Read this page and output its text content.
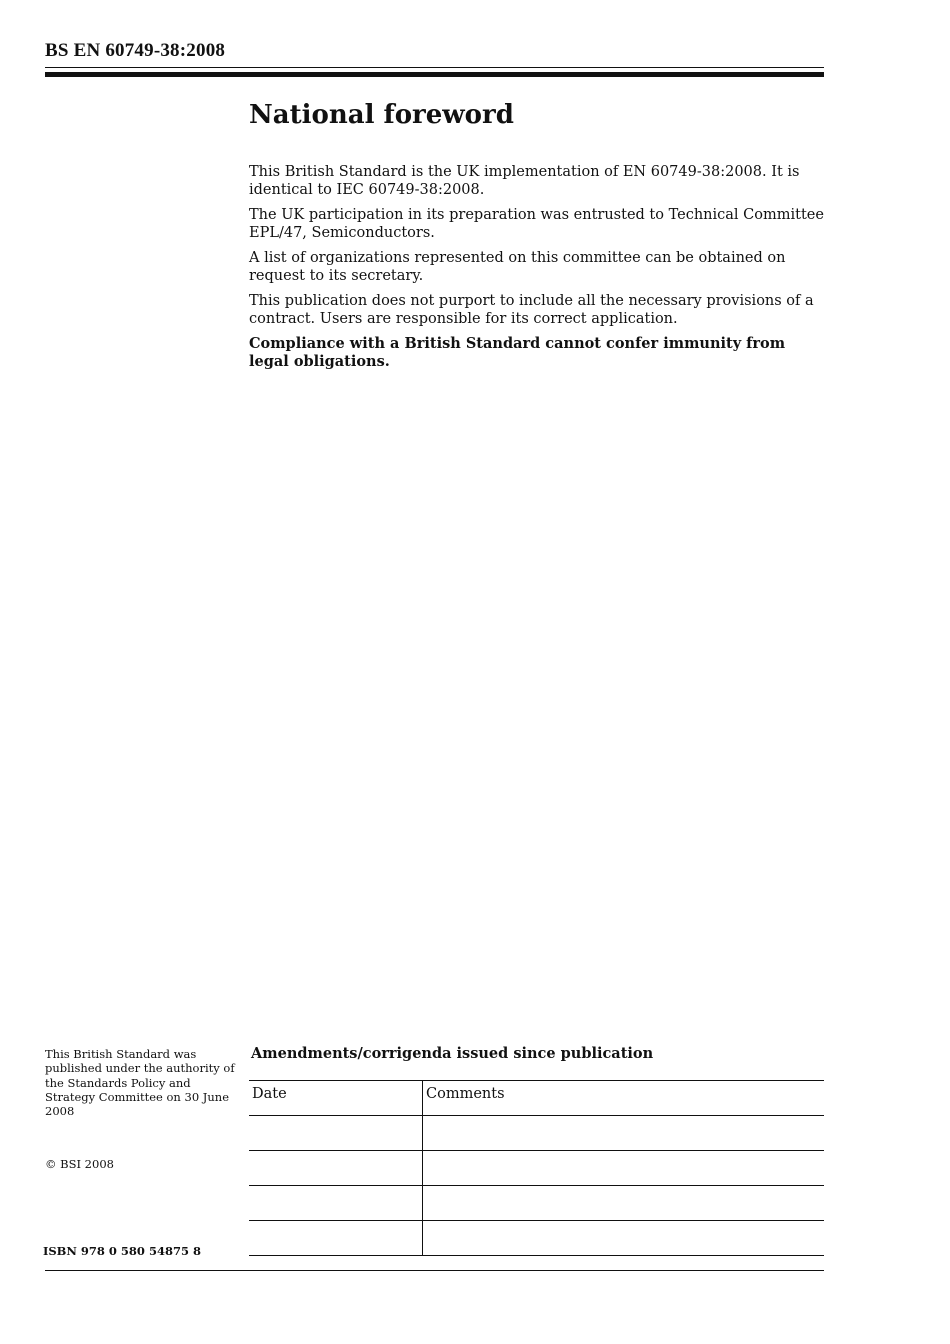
BS EN 60749-38:2008
National foreword

This British Standard is the UK implementation of EN 60749-38:2008. It is identical to IEC 60749-38:2008.

The UK participation in its preparation was entrusted to Technical Committee EPL/47, Semiconductors.

A list of organizations represented on this committee can be obtained on request to its secretary.

This publication does not purport to include all the necessary provisions of a contract. Users are responsible for its correct application.

Compliance with a British Standard cannot confer immunity from legal obligations.

This British Standard was published under the authority of the Standards Policy and Strategy Committee on 30 June 2008
© BSI 2008
ISBN 978 0 580 54875 8
Amendments/corrigenda issued since publication
Date	Comments
